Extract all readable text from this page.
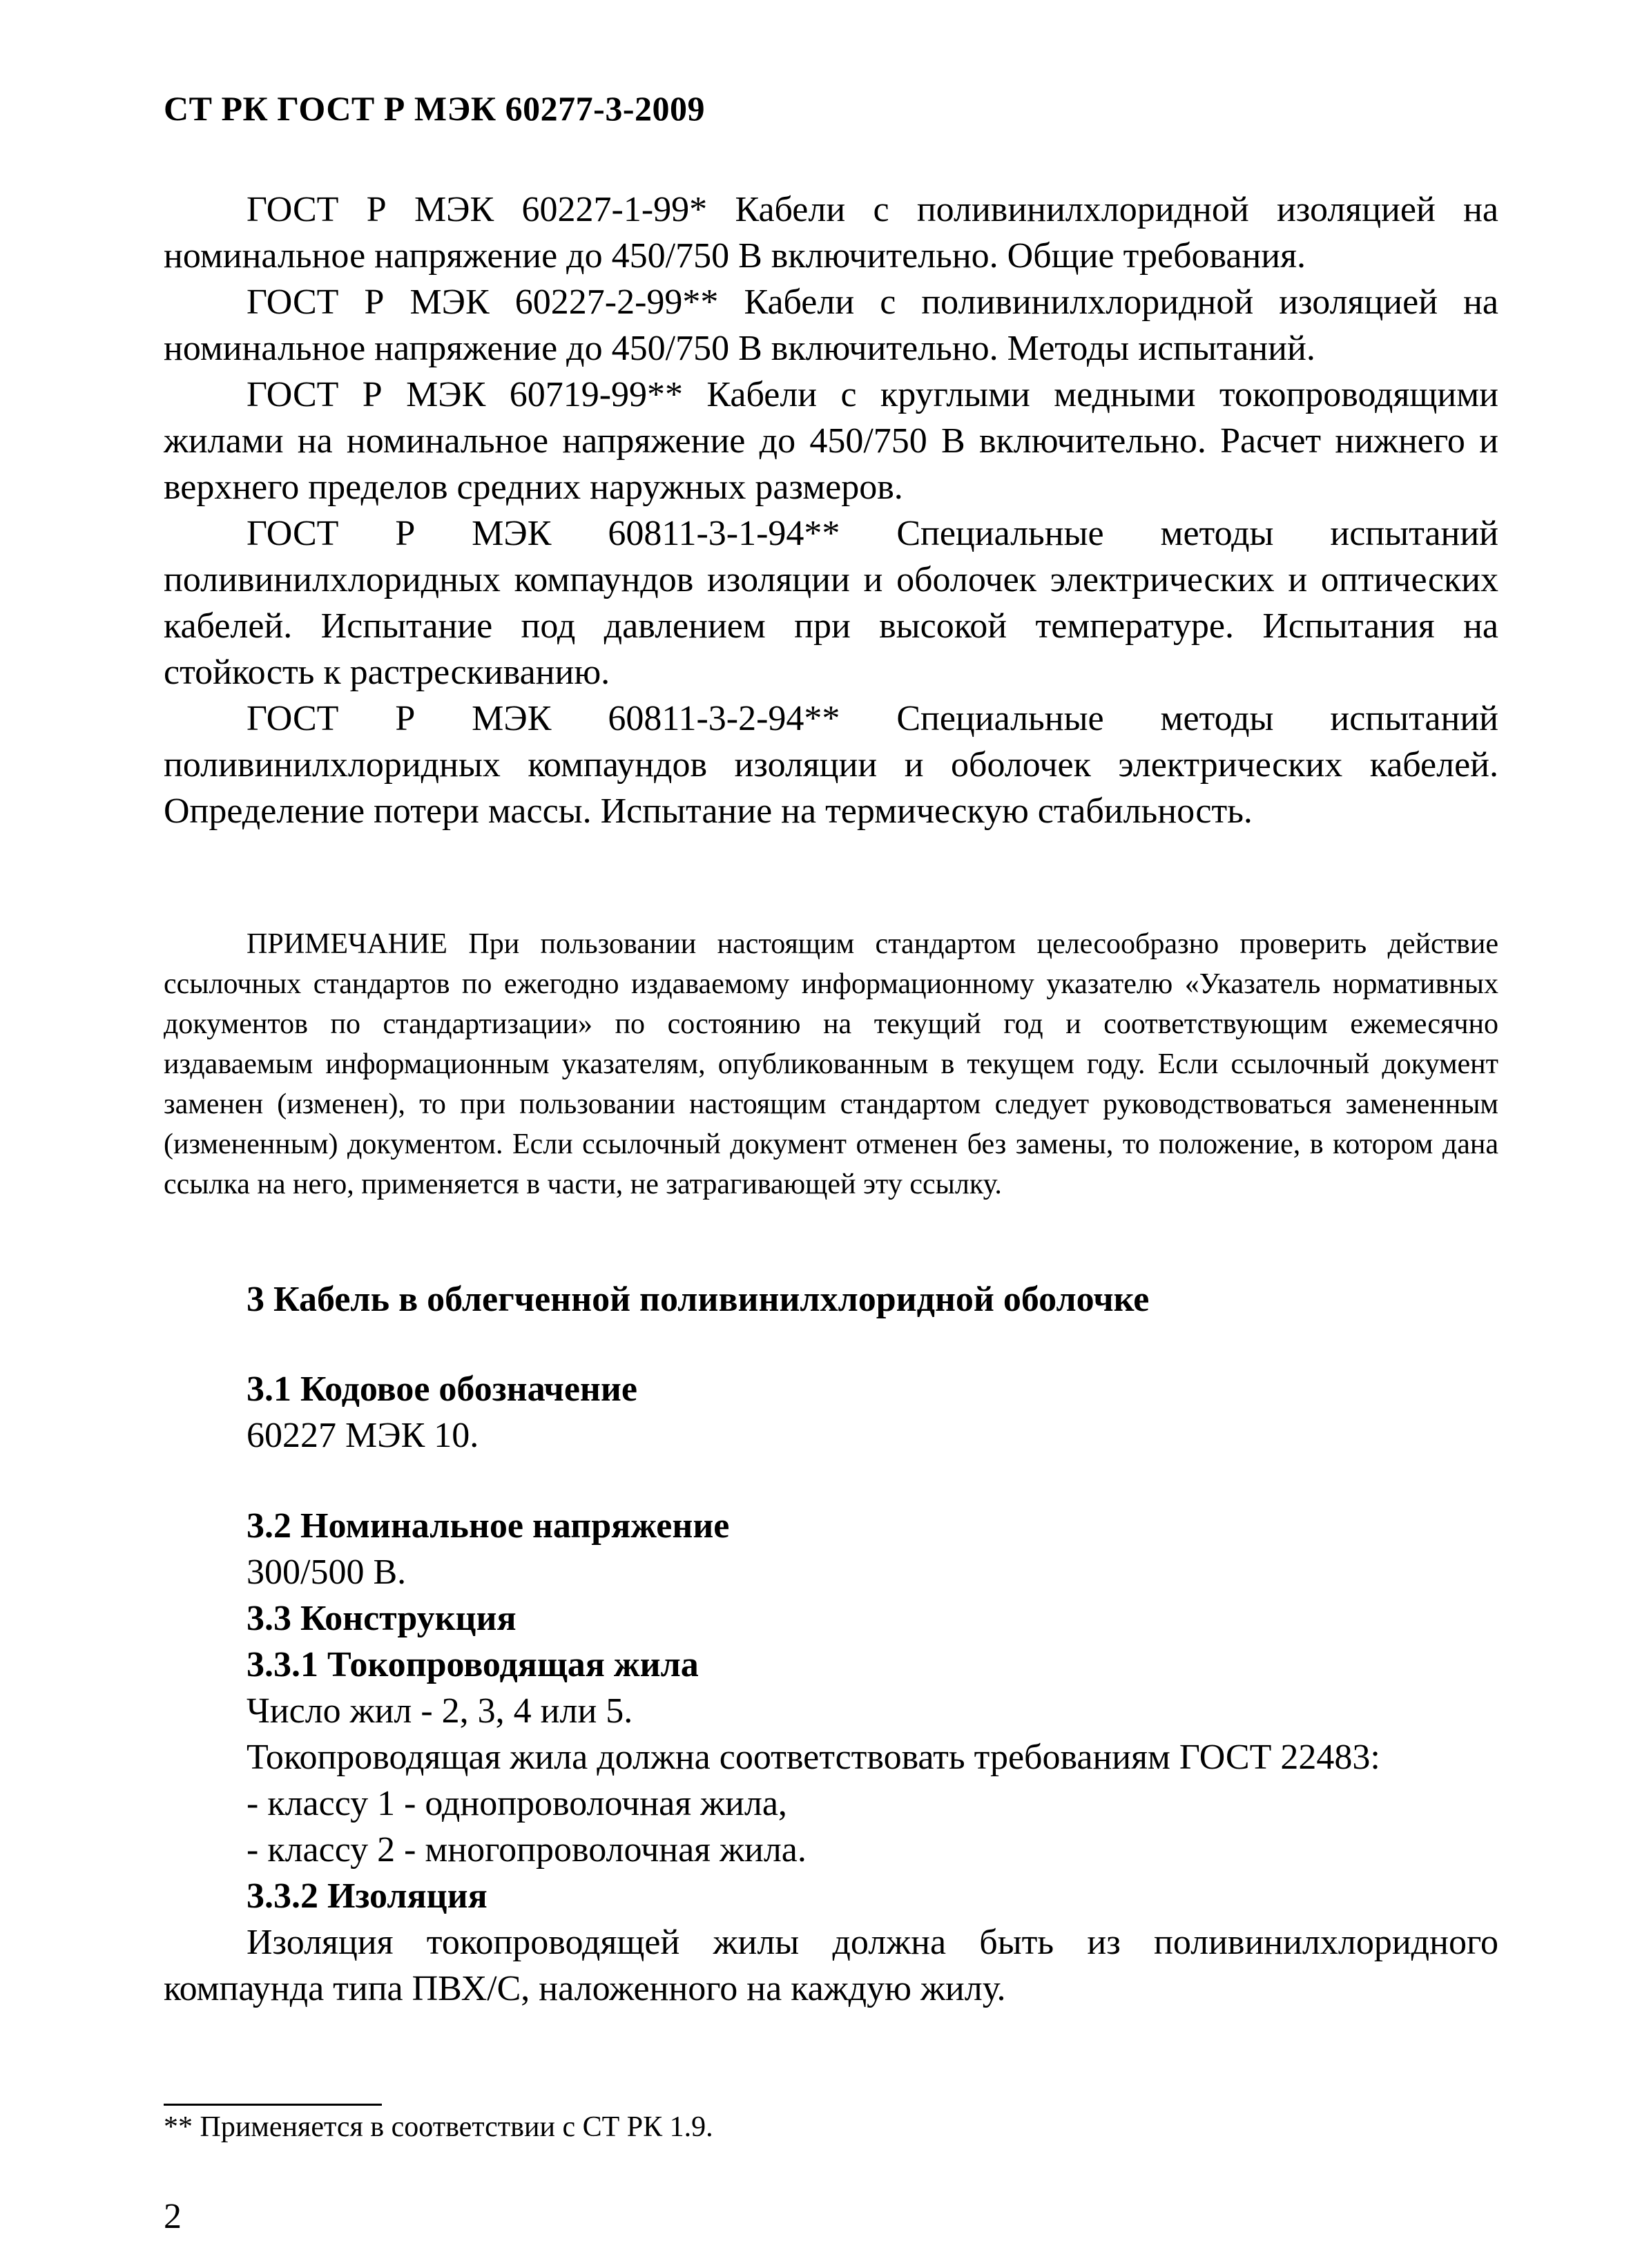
СТ РК ГОСТ Р МЭК 60277-3-2009

ГОСТ Р МЭК 60227-1-99* Кабели с поливинилхлоридной изоляцией на номинальное напряжение до 450/750 В включительно. Общие требования.

ГОСТ Р МЭК 60227-2-99** Кабели с поливинилхлоридной изоляцией на номинальное напряжение до 450/750 В включительно. Методы испытаний.

ГОСТ Р МЭК 60719-99** Кабели с круглыми медными токопроводящими жилами на номинальное напряжение до 450/750 В включительно. Расчет нижнего и верхнего пределов средних наружных размеров.

ГОСТ Р МЭК 60811-3-1-94** Специальные методы испытаний поливинилхлоридных компаундов изоляции и оболочек электрических и оптических кабелей. Испытание под давлением при высокой температуре. Испытания на стойкость к растрескиванию.

ГОСТ Р МЭК 60811-3-2-94** Специальные методы испытаний поливинилхлоридных компаундов изоляции и оболочек электрических кабелей. Определение потери массы. Испытание на термическую стабильность.

ПРИМЕЧАНИЕ При пользовании настоящим стандартом целесообразно проверить действие ссылочных стандартов по ежегодно издаваемому информационному указателю «Указатель нормативных документов по стандартизации» по состоянию на текущий год и соответствующим ежемесячно издаваемым информационным указателям, опубликованным в текущем году. Если ссылочный документ заменен (изменен), то при пользовании настоящим стандартом следует руководствоваться замененным (измененным) документом. Если ссылочный документ отменен без замены, то положение, в котором дана ссылка на него, применяется в части, не затрагивающей эту ссылку.

3 Кабель в облегченной поливинилхлоридной оболочке

3.1 Кодовое обозначение

60227 МЭК 10.

3.2 Номинальное напряжение

300/500 В.

3.3 Конструкция

3.3.1 Токопроводящая жила

Число жил - 2, 3, 4 или 5.

Токопроводящая жила должна соответствовать требованиям ГОСТ 22483:

- классу 1 - однопроволочная жила,

- классу 2 - многопроволочная жила.

3.3.2 Изоляция

Изоляция токопроводящей жилы должна быть из поливинилхлоридного компаунда типа ПВХ/С, наложенного на каждую жилу.

** Применяется в соответствии с СТ РК 1.9.
2
